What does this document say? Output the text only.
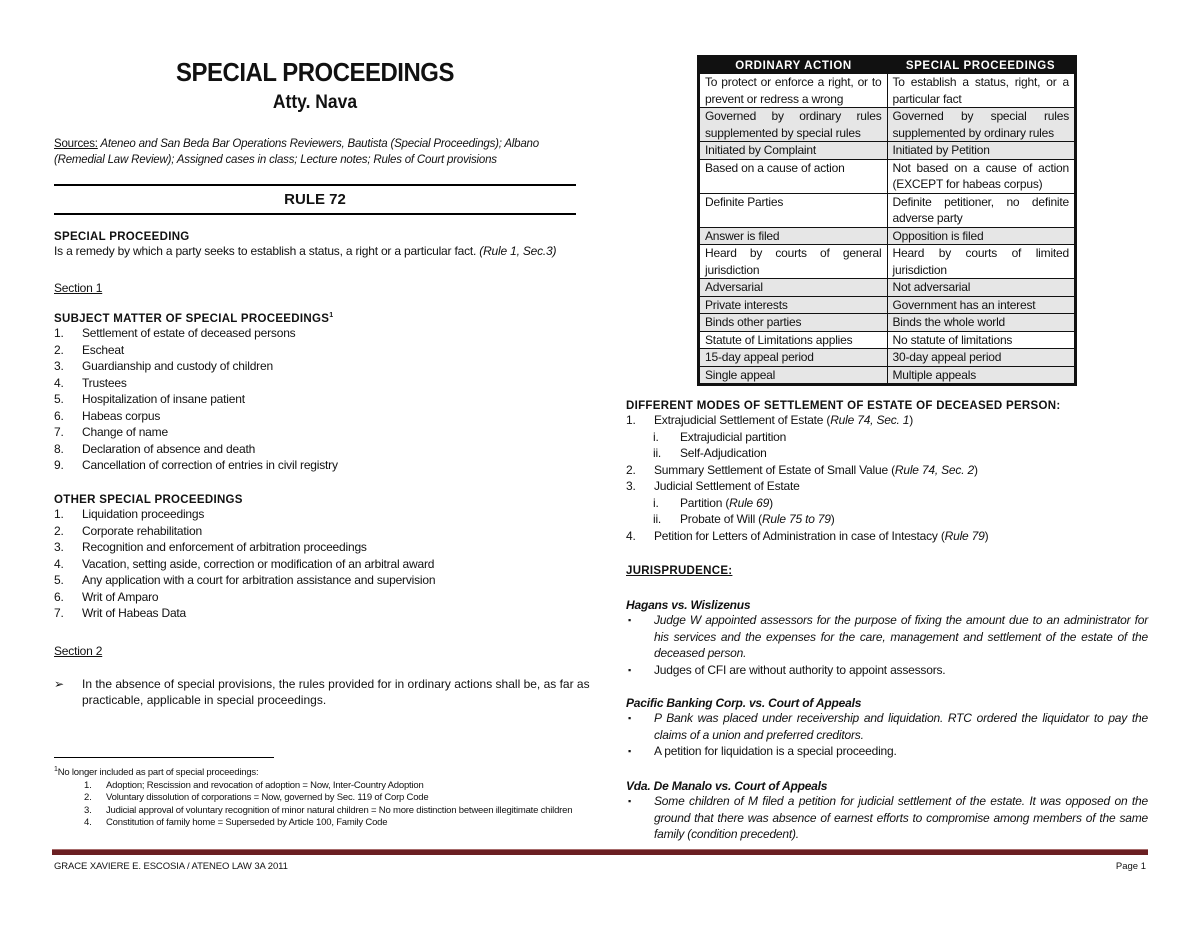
SPECIAL PROCEEDINGS
Atty. Nava
Sources: Ateneo and San Beda Bar Operations Reviewers, Bautista (Special Proceedings); Albano (Remedial Law Review); Assigned cases in class; Lecture notes; Rules of Court provisions
RULE 72
SPECIAL PROCEEDING
Is a remedy by which a party seeks to establish a status, a right or a particular fact. (Rule 1, Sec.3)
Section 1
SUBJECT MATTER OF SPECIAL PROCEEDINGS$^1$
1. Settlement of estate of deceased persons
2. Escheat
3. Guardianship and custody of children
4. Trustees
5. Hospitalization of insane patient
6. Habeas corpus
7. Change of name
8. Declaration of absence and death
9. Cancellation of correction of entries in civil registry
OTHER SPECIAL PROCEEDINGS
1. Liquidation proceedings
2. Corporate rehabilitation
3. Recognition and enforcement of arbitration proceedings
4. Vacation, setting aside, correction or modification of an arbitral award
5. Any application with a court for arbitration assistance and supervision
6. Writ of Amparo
7. Writ of Habeas Data
Section 2
➢ In the absence of special provisions, the rules provided for in ordinary actions shall be, as far as practicable, applicable in special proceedings.
$^1$No longer included as part of special proceedings:
1. Adoption; Rescission and revocation of adoption = Now, Inter-Country Adoption
2. Voluntary dissolution of corporations = Now, governed by Sec. 119 of Corp Code
3. Judicial approval of voluntary recognition of minor natural children = No more distinction between illegitimate children
4. Constitution of family home = Superseded by Article 100, Family Code
ORDINARY ACTION	SPECIAL PROCEEDINGS
To protect or enforce a right, or to prevent or redress a wrong	To establish a status, right, or a particular fact
Governed by ordinary rules supplemented by special rules	Governed by special rules supplemented by ordinary rules
Initiated by Complaint	Initiated by Petition
Based on a cause of action	Not based on a cause of action (EXCEPT for habeas corpus)
Definite Parties	Definite petitioner, no definite adverse party
Answer is filed	Opposition is filed
Heard by courts of general jurisdiction	Heard by courts of limited jurisdiction
Adversarial	Not adversarial
Private interests	Government has an interest
Binds other parties	Binds the whole world
Statute of Limitations applies	No statute of limitations
15-day appeal period	30-day appeal period
Single appeal	Multiple appeals
DIFFERENT MODES OF SETTLEMENT OF ESTATE OF DECEASED PERSON:
1. Extrajudicial Settlement of Estate (Rule 74, Sec. 1)
i. Extrajudicial partition
ii. Self-Adjudication
2. Summary Settlement of Estate of Small Value (Rule 74, Sec. 2)
3. Judicial Settlement of Estate
i. Partition (Rule 69)
ii. Probate of Will (Rule 75 to 79)
4. Petition for Letters of Administration in case of Intestacy (Rule 79)
JURISPRUDENCE:
Hagans vs. Wislizenus
▪ Judge W appointed assessors for the purpose of fixing the amount due to an administrator for his services and the expenses for the care, management and settlement of the estate of the deceased person.
▪ Judges of CFI are without authority to appoint assessors.
Pacific Banking Corp. vs. Court of Appeals
▪ P Bank was placed under receivership and liquidation. RTC ordered the liquidator to pay the claims of a union and preferred creditors.
▪ A petition for liquidation is a special proceeding.
Vda. De Manalo vs. Court of Appeals
▪ Some children of M filed a petition for judicial settlement of the estate. It was opposed on the ground that there was absence of earnest efforts to compromise among members of the same family (condition precedent).
GRACE XAVIERE E. ESCOSIA / ATENEO LAW 3A 2011	Page 1
